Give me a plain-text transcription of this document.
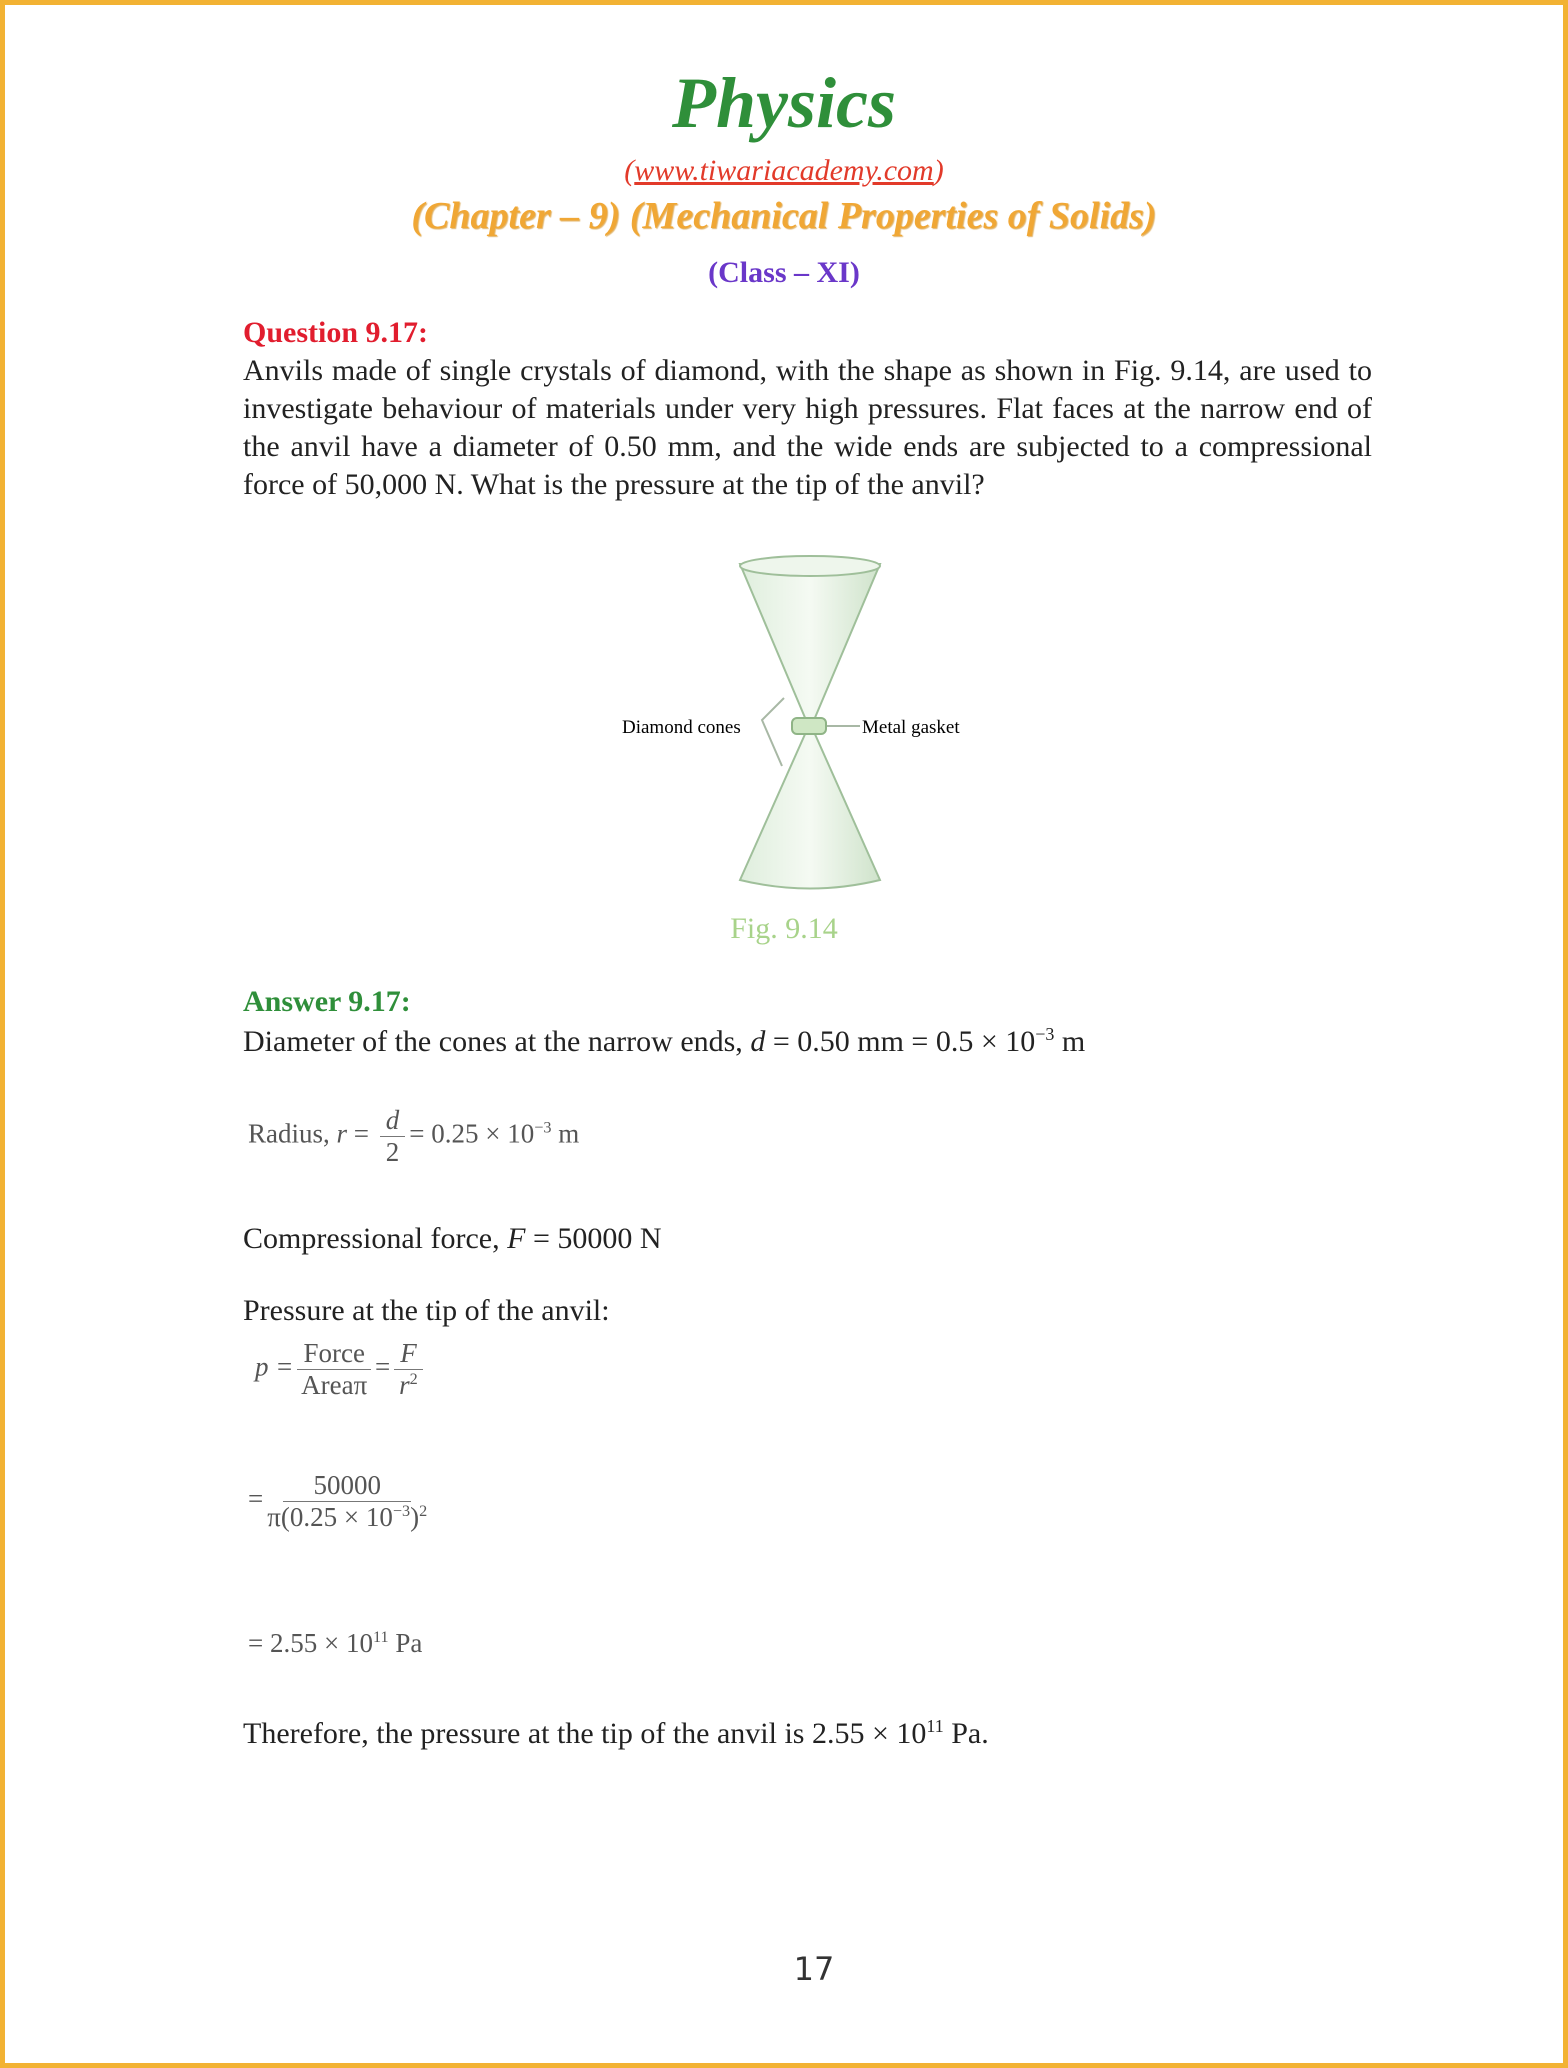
Physics
(www.tiwariacademy.com)
(Chapter – 9) (Mechanical Properties of Solids)
(Class – XI)
Question 9.17:
Anvils made of single crystals of diamond, with the shape as shown in Fig. 9.14, are used to investigate behaviour of materials under very high pressures. Flat faces at the narrow end of the anvil have a diameter of 0.50 mm, and the wide ends are subjected to a compressional force of 50,000 N. What is the pressure at the tip of the anvil?
Diamond cones	Metal gasket
Fig. 9.14
Answer 9.17:
Diameter of the cones at the narrow ends, d = 0.50 mm = $0.5 \times 10^{-3}$ m
Radius, $r = \frac{d}{2} = 0.25 \times 10^{-3}$ m
Compressional force, F = 50000 N
Pressure at the tip of the anvil:
$p = \frac{\text{Force}}{\text{Areaπ}} = \frac{F}{r^2}$
= $\frac{50000}{\pi(0.25 \times 10^{-3})^2}$
= $2.55 \times 10^{11}$ Pa
Therefore, the pressure at the tip of the anvil is $2.55 \times 10^{11}$ Pa.
17
